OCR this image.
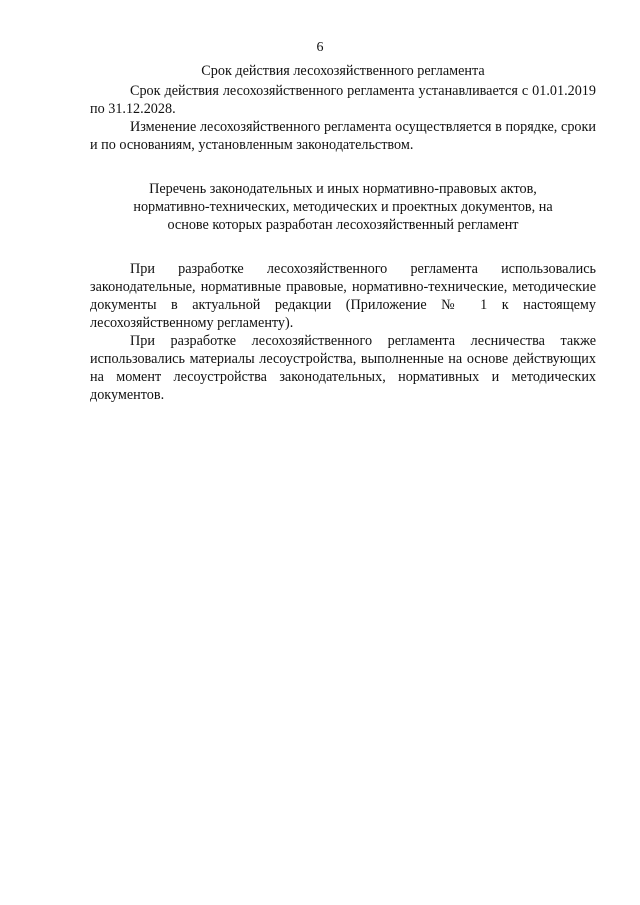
6
Срок действия лесохозяйственного регламента

Срок действия лесохозяйственного регламента устанавливается с 01.01.2019 по 31.12.2028.

Изменение лесохозяйственного регламента осуществляется в порядке, сроки и по основаниям, установленным законодательством.

Перечень законодательных и иных нормативно-правовых актов,
нормативно-технических, методических и проектных документов, на
основе которых разработан лесохозяйственный регламент

При разработке лесохозяйственного регламента использовались законодательные, нормативные правовые, нормативно-технические, методические документы в актуальной редакции (Приложение № 1 к настоящему лесохозяйственному регламенту).

При разработке лесохозяйственного регламента лесничества также использовались материалы лесоустройства, выполненные на основе действующих на момент лесоустройства законодательных, нормативных и методических документов.
